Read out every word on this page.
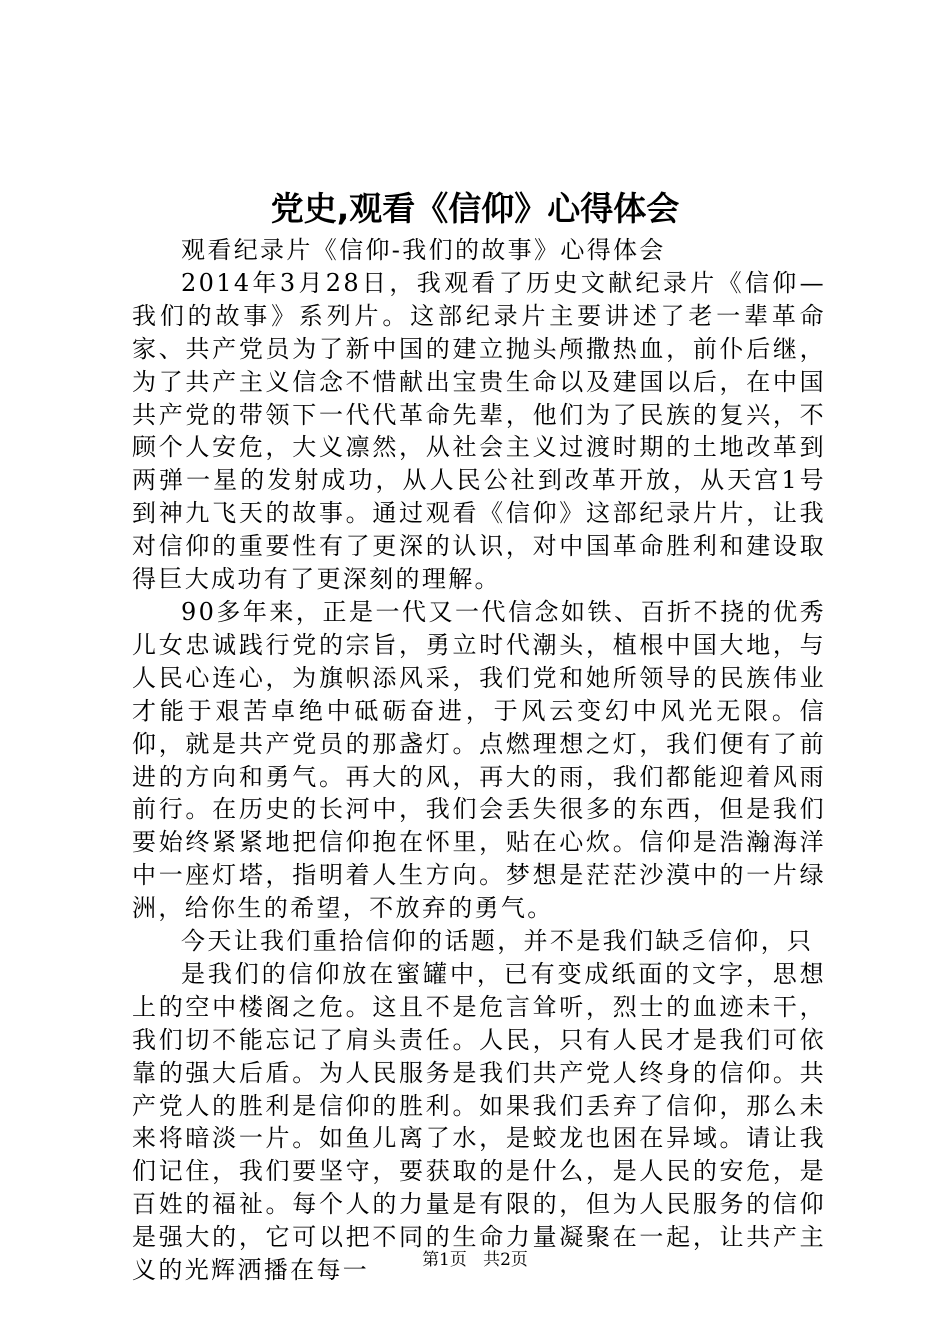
党史,观看《信仰》心得体会

观看纪录片《信仰-我们的故事》心得体会

2014年3月28日，我观看了历史文献纪录片《信仰—我们的故事》系列片。这部纪录片主要讲述了老一辈革命家、共产党员为了新中国的建立抛头颅撒热血，前仆后继，为了共产主义信念不惜献出宝贵生命以及建国以后，在中国共产党的带领下一代代革命先辈，他们为了民族的复兴，不顾个人安危，大义凛然，从社会主义过渡时期的土地改革到两弹一星的发射成功，从人民公社到改革开放，从天宫1号到神九飞天的故事。通过观看《信仰》这部纪录片片，让我对信仰的重要性有了更深的认识，对中国革命胜利和建设取得巨大成功有了更深刻的理解。

90多年来，正是一代又一代信念如铁、百折不挠的优秀儿女忠诚践行党的宗旨，勇立时代潮头，植根中国大地，与人民心连心，为旗帜添风采，我们党和她所领导的民族伟业才能于艰苦卓绝中砥砺奋进，于风云变幻中风光无限。信仰，就是共产党员的那盏灯。点燃理想之灯，我们便有了前进的方向和勇气。再大的风，再大的雨，我们都能迎着风雨前行。在历史的长河中，我们会丢失很多的东西，但是我们要始终紧紧地把信仰抱在怀里，贴在心炊。信仰是浩瀚海洋中一座灯塔，指明着人生方向。梦想是茫茫沙漠中的一片绿洲，给你生的希望，不放弃的勇气。

今天让我们重拾信仰的话题，并不是我们缺乏信仰，只

是我们的信仰放在蜜罐中，已有变成纸面的文字，思想上的空中楼阁之危。这且不是危言耸听，烈士的血迹未干，我们切不能忘记了肩头责任。人民，只有人民才是我们可依靠的强大后盾。为人民服务是我们共产党人终身的信仰。共产党人的胜利是信仰的胜利。如果我们丢弃了信仰，那么未来将暗淡一片。如鱼儿离了水，是蛟龙也困在异域。请让我们记住，我们要坚守，要获取的是什么，是人民的安危，是百姓的福祉。每个人的力量是有限的，但为人民服务的信仰是强大的，它可以把不同的生命力量凝聚在一起，让共产主义的光辉洒播在每一	第1页 共2页
